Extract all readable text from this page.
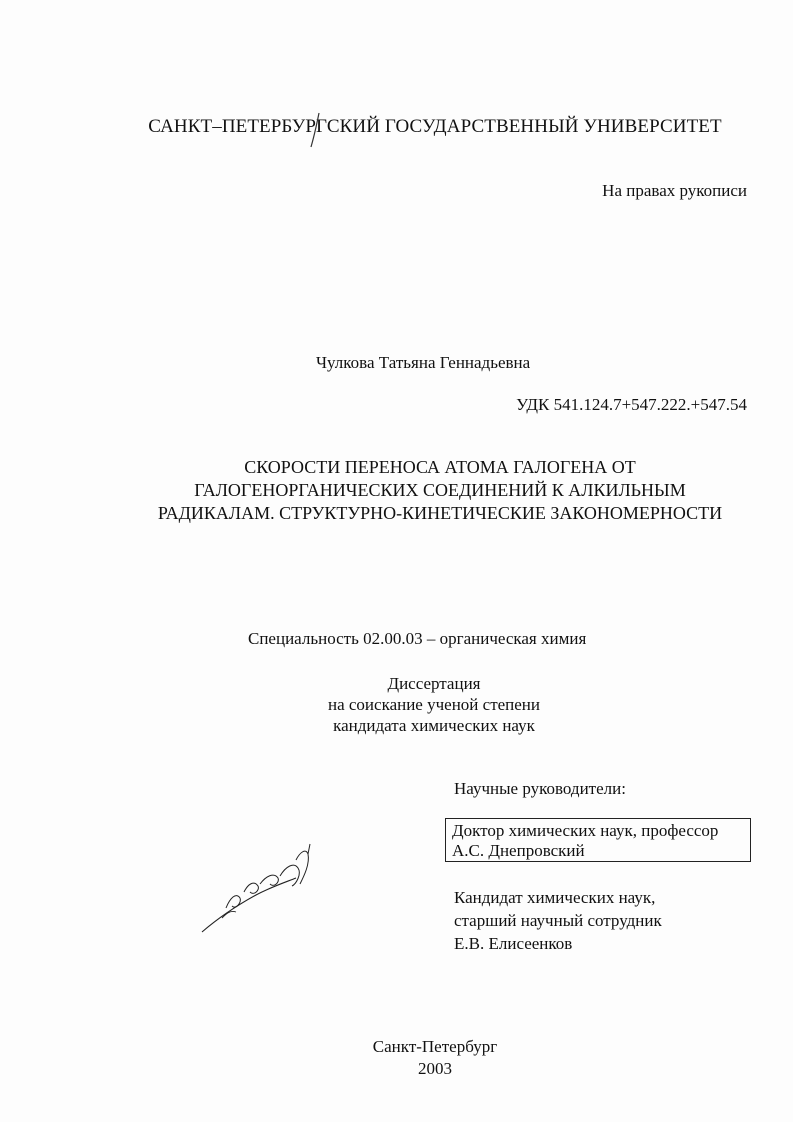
САНКТ–ПЕТЕРБУРГСКИЙ ГОСУДАРСТВЕННЫЙ УНИВЕРСИТЕТ
На правах рукописи
Чулкова Татьяна Геннадьевна
УДК 541.124.7+547.222.+547.54
СКОРОСТИ ПЕРЕНОСА АТОМА ГАЛОГЕНА ОТ
ГАЛОГЕНОРГАНИЧЕСКИХ СОЕДИНЕНИЙ К АЛКИЛЬНЫМ
РАДИКАЛАМ. СТРУКТУРНО-КИНЕТИЧЕСКИЕ ЗАКОНОМЕРНОСТИ
Специальность 02.00.03 – органическая химия
Диссертация
на соискание ученой степени
кандидата химических наук
Научные руководители:
Доктор химических наук, профессор
А.С. Днепровский
Кандидат химических наук,
старший научный сотрудник
Е.В. Елисеенков
Санкт-Петербург
2003
